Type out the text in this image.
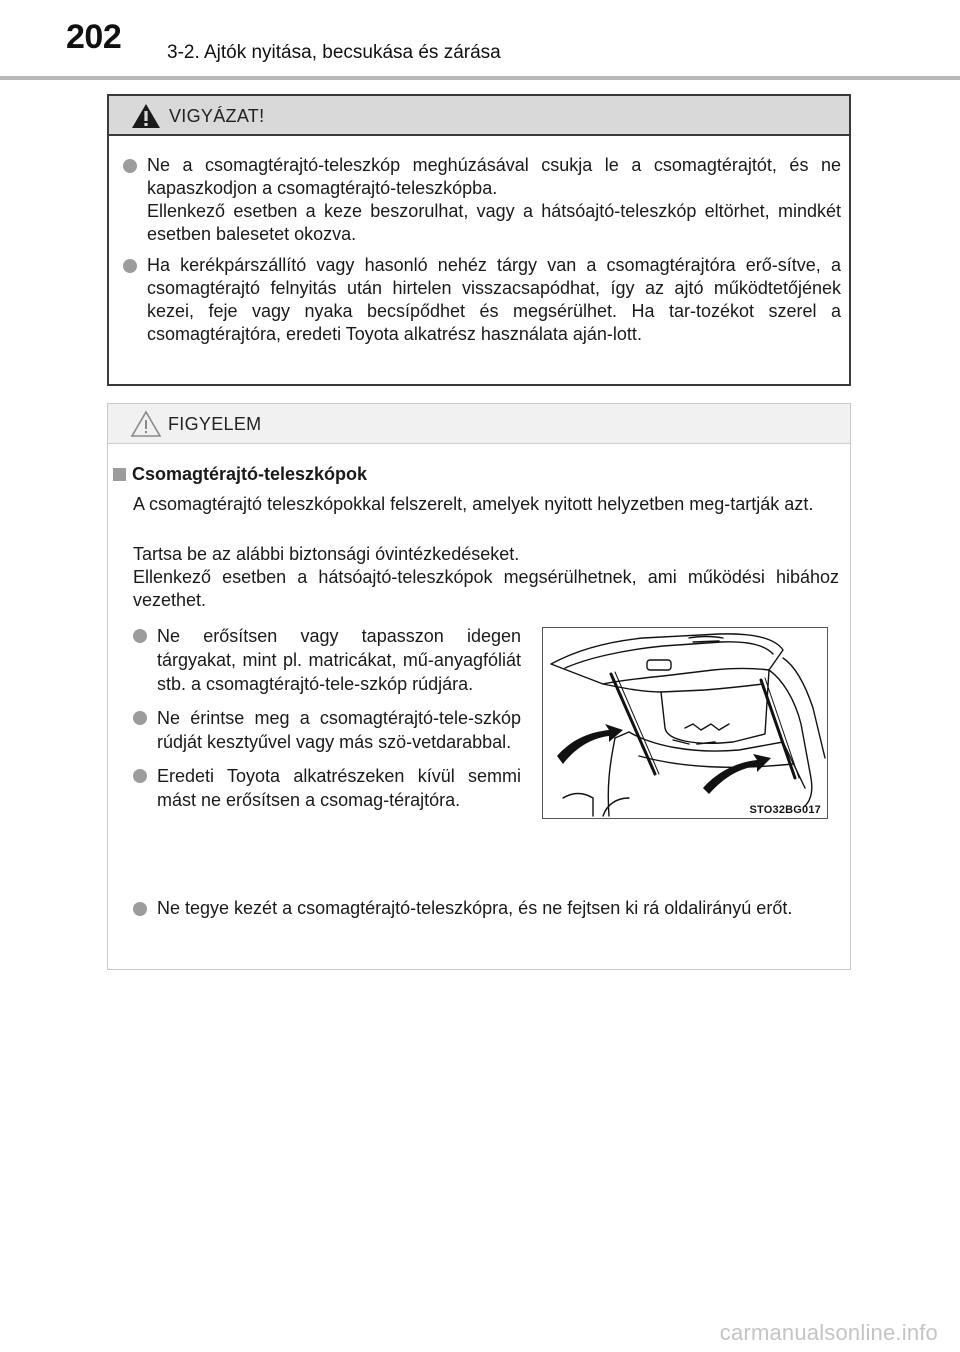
202 3-2. Ajtók nyitása, becsukása és zárása
VIGYÁZAT!
Ne a csomagtérajtó-teleszkóp meghúzásával csukja le a csomagtérajtót, és ne kapaszkodjon a csomagtérajtó-teleszkópba.
Ellenkező esetben a keze beszorulhat, vagy a hátsóajtó-teleszkóp eltörhet, mindkét esetben balesetet okozva.
Ha kerékpárszállító vagy hasonló nehéz tárgy van a csomagtérajtóra erő-sítve, a csomagtérajtó felnyitás után hirtelen visszacsapódhat, így az ajtó működtetőjének kezei, feje vagy nyaka becsípődhet és megsérülhet. Ha tar-tozékot szerel a csomagtérajtóra, eredeti Toyota alkatrész használata aján-lott.
FIGYELEM
Csomagtérajtó-teleszkópok

A csomagtérajtó teleszkópokkal felszerelt, amelyek nyitott helyzetben meg-tartják azt.

Tartsa be az alábbi biztonsági óvintézkedéseket.

Ellenkező esetben a hátsóajtó-teleszkópok megsérülhetnek, ami működési hibához vezethet.

Ne erősítsen vagy tapasszon idegen tárgyakat, mint pl. matricákat, mű-anyagfóliát stb. a csomagtérajtó-tele-szkóp rúdjára.
Ne érintse meg a csomagtérajtó-tele-szkóp rúdját kesztyűvel vagy más szö-vetdarabbal.
Eredeti Toyota alkatrészeken kívül semmi mást ne erősítsen a csomag-térajtóra.
Ne tegye kezét a csomagtérajtó-teleszkópra, és ne fejtsen ki rá oldalirányú erőt.
STO32BG017
carmanualsonline.info
